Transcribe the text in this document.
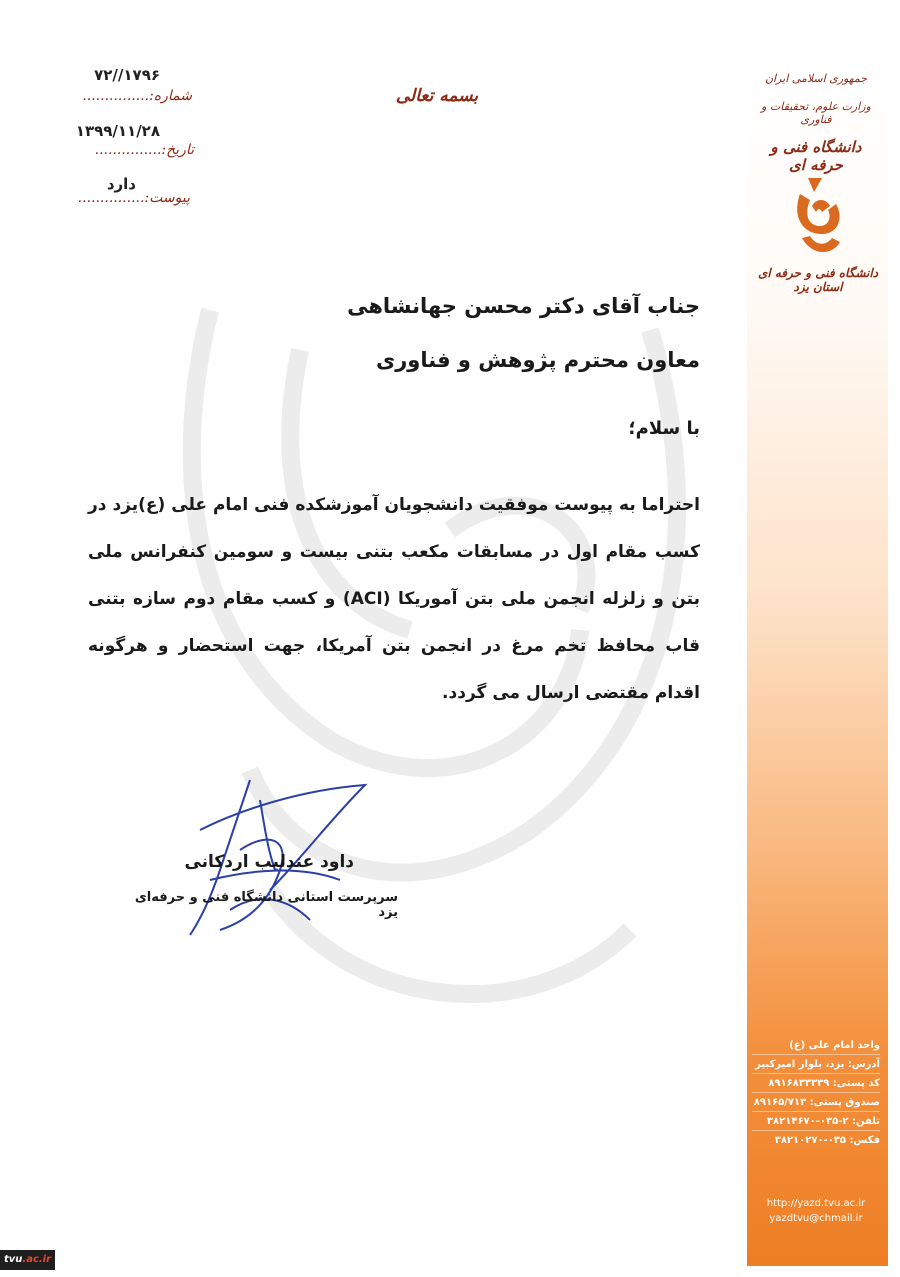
جمهوری اسلامی ایران
وزارت علوم، تحقیقات و فناوری
دانشگاه فنی و حرفه ای
دانشگاه فنی و حرفه ای استان یزد
واحد امام علی (ع)
آدرس: یزد، بلوار امیرکبیر
کد پستی: ۸۹۱۶۸۳۳۳۳۹
صندوق پستی: ۸۹۱۶۵/۷۱۳
تلفن: ۲-۰۳۵-۳۸۲۱۴۶۷۰
فکس: ۰۳۵-۳۸۲۱۰۲۷۰
http://yazd.tvu.ac.ir
yazdtvu@chmail.ir
۷۲//۱۷۹۶
شماره:...............
۱۳۹۹/۱۱/۲۸
تاریخ:...............
دارد
پیوست:...............
بسمه تعالی
جناب آقای دکتر محسن جهانشاهی
معاون محترم پژوهش و فناوری
با سلام؛

احتراما به پیوست موفقیت دانشجویان آموزشکده فنی امام علی (ع)یزد در کسب مقام اول در مسابقات مکعب بتنی بیست و سومین کنفرانس ملی بتن و زلزله انجمن ملی بتن آموریکا (ACI) و کسب مقام دوم سازه بتنی قاب محافظ تخم مرغ در انجمن بتن آمریکا، جهت استحضار و هرگونه اقدام مقتضی ارسال می گردد.

داود عندلیب اردکانی
سرپرست استانی دانشگاه فنی و حرفه‌ای یزد
tvu.ac.ir
